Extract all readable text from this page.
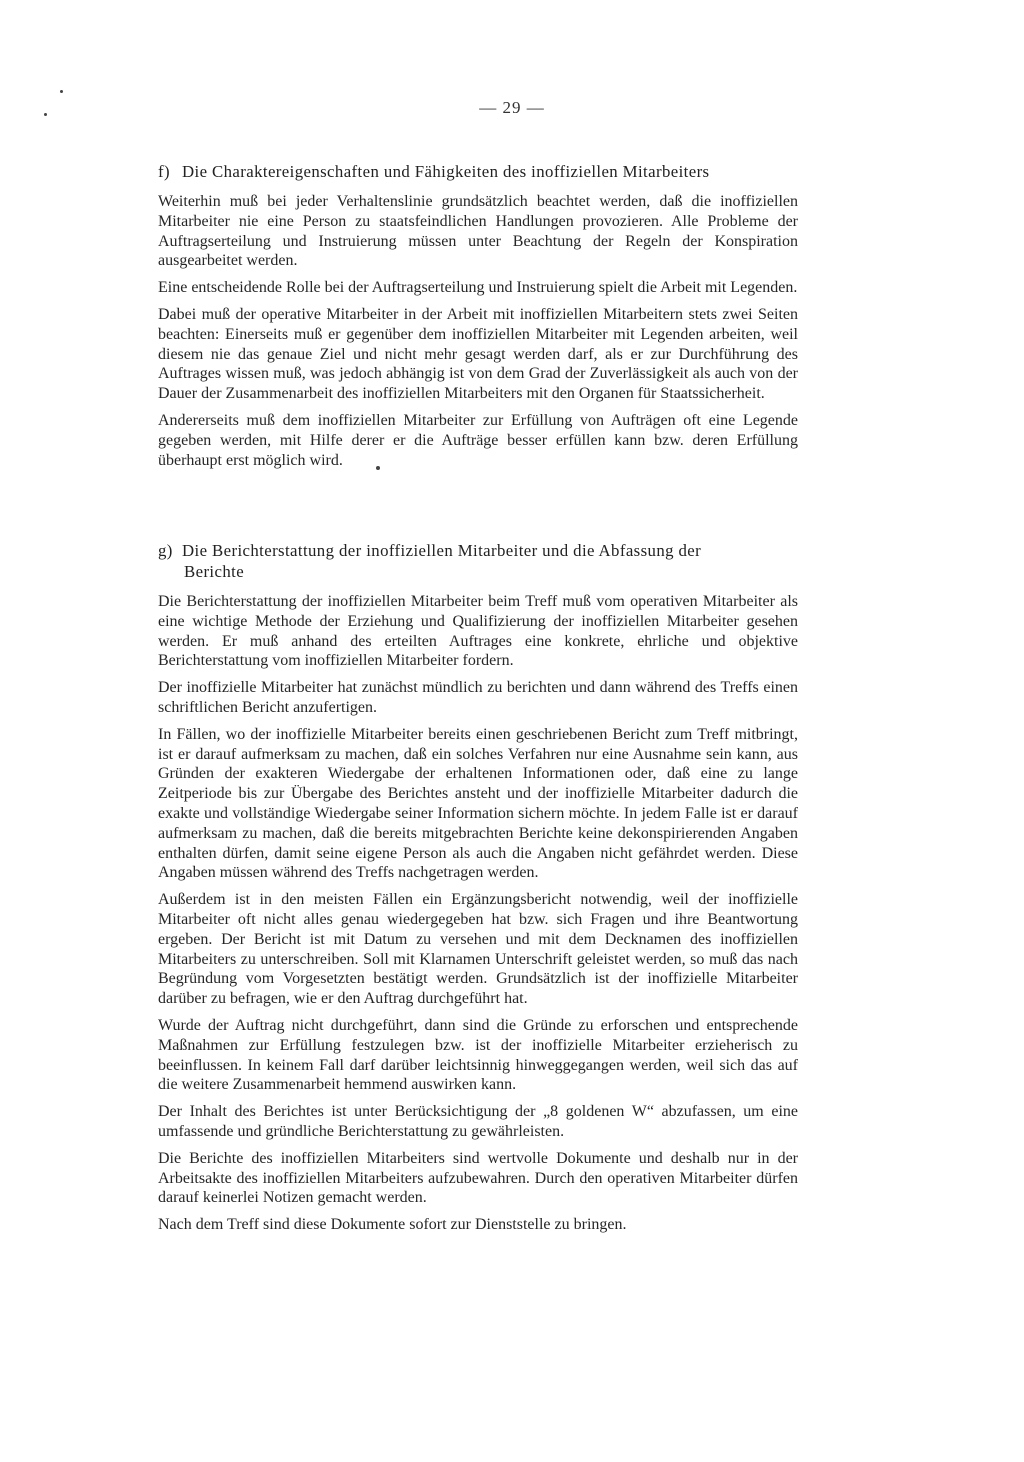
— 29 —
f) Die Charaktereigenschaften und Fähigkeiten des inoffiziellen Mitarbeiters

Weiterhin muß bei jeder Verhaltenslinie grundsätzlich beachtet werden, daß die inoffiziellen Mitarbeiter nie eine Person zu staatsfeindlichen Handlungen provozieren. Alle Probleme der Auftragserteilung und Instruierung müssen unter Beachtung der Regeln der Konspiration ausgearbeitet werden.

Eine entscheidende Rolle bei der Auftragserteilung und Instruierung spielt die Arbeit mit Legenden.

Dabei muß der operative Mitarbeiter in der Arbeit mit inoffiziellen Mitarbeitern stets zwei Seiten beachten: Einerseits muß er gegenüber dem inoffiziellen Mitarbeiter mit Legenden arbeiten, weil diesem nie das genaue Ziel und nicht mehr gesagt werden darf, als er zur Durchführung des Auftrages wissen muß, was jedoch abhängig ist von dem Grad der Zuverlässigkeit als auch von der Dauer der Zusammenarbeit des inoffiziellen Mitarbeiters mit den Organen für Staatssicherheit.

Andererseits muß dem inoffiziellen Mitarbeiter zur Erfüllung von Aufträgen oft eine Legende gegeben werden, mit Hilfe derer er die Aufträge besser erfüllen kann bzw. deren Erfüllung überhaupt erst möglich wird.

g) Die Berichterstattung der inoffiziellen Mitarbeiter und die Abfassung der
Berichte

Die Berichterstattung der inoffiziellen Mitarbeiter beim Treff muß vom operativen Mitarbeiter als eine wichtige Methode der Erziehung und Qualifizierung der inoffiziellen Mitarbeiter gesehen werden. Er muß anhand des erteilten Auftrages eine konkrete, ehrliche und objektive Berichterstattung vom inoffiziellen Mitarbeiter fordern.

Der inoffizielle Mitarbeiter hat zunächst mündlich zu berichten und dann während des Treffs einen schriftlichen Bericht anzufertigen.

In Fällen, wo der inoffizielle Mitarbeiter bereits einen geschriebenen Bericht zum Treff mitbringt, ist er darauf aufmerksam zu machen, daß ein solches Verfahren nur eine Ausnahme sein kann, aus Gründen der exakteren Wiedergabe der erhaltenen Informationen oder, daß eine zu lange Zeitperiode bis zur Übergabe des Berichtes ansteht und der inoffizielle Mitarbeiter dadurch die exakte und vollständige Wiedergabe seiner Information sichern möchte. In jedem Falle ist er darauf aufmerksam zu machen, daß die bereits mitgebrachten Berichte keine dekonspirierenden Angaben enthalten dürfen, damit seine eigene Person als auch die Angaben nicht gefährdet werden. Diese Angaben müssen während des Treffs nachgetragen werden.

Außerdem ist in den meisten Fällen ein Ergänzungsbericht notwendig, weil der inoffizielle Mitarbeiter oft nicht alles genau wiedergegeben hat bzw. sich Fragen und ihre Beantwortung ergeben. Der Bericht ist mit Datum zu versehen und mit dem Decknamen des inoffiziellen Mitarbeiters zu unterschreiben. Soll mit Klarnamen Unterschrift geleistet werden, so muß das nach Begründung vom Vorgesetzten bestätigt werden. Grundsätzlich ist der inoffizielle Mitarbeiter darüber zu befragen, wie er den Auftrag durchgeführt hat.

Wurde der Auftrag nicht durchgeführt, dann sind die Gründe zu erforschen und entsprechende Maßnahmen zur Erfüllung festzulegen bzw. ist der inoffizielle Mitarbeiter erzieherisch zu beeinflussen. In keinem Fall darf darüber leichtsinnig hinweggegangen werden, weil sich das auf die weitere Zusammenarbeit hemmend auswirken kann.

Der Inhalt des Berichtes ist unter Berücksichtigung der „8 goldenen W“ abzufassen, um eine umfassende und gründliche Berichterstattung zu gewährleisten.

Die Berichte des inoffiziellen Mitarbeiters sind wertvolle Dokumente und deshalb nur in der Arbeitsakte des inoffiziellen Mitarbeiters aufzubewahren. Durch den operativen Mitarbeiter dürfen darauf keinerlei Notizen gemacht werden.

Nach dem Treff sind diese Dokumente sofort zur Dienststelle zu bringen.
